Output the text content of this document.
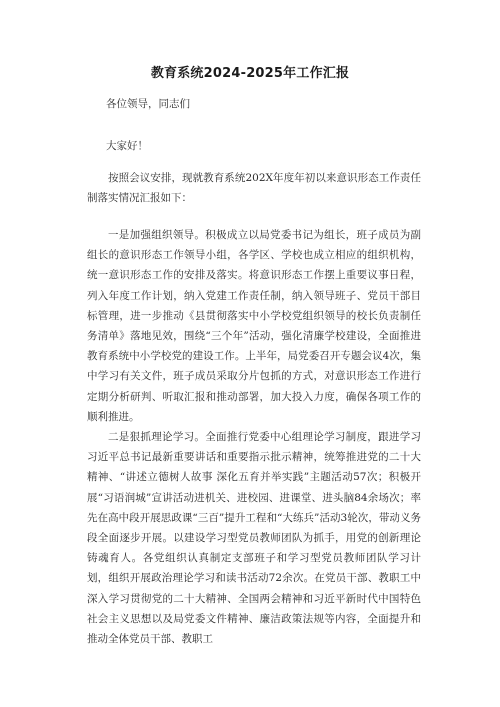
教育系统2024-2025年工作汇报
各位领导，同志们
大家好！

按照会议安排，现就教育系统202X年度年初以来意识形态工作责任制落实情况汇报如下：

一是加强组织领导。积极成立以局党委书记为组长，班子成员为副组长的意识形态工作领导小组，各学区、学校也成立相应的组织机构，统一意识形态工作的安排及落实。将意识形态工作摆上重要议事日程，列入年度工作计划，纳入党建工作责任制，纳入领导班子、党员干部目标管理，进一步推动《县贯彻落实中小学校党组织领导的校长负责制任务清单》落地见效，围绕“三个年”活动，强化清廉学校建设，全面推进教育系统中小学校党的建设工作。上半年，局党委召开专题会议4次，集中学习有关文件，班子成员采取分片包抓的方式，对意识形态工作进行定期分析研判、听取汇报和推动部署，加大投入力度，确保各项工作的顺利推进。

二是狠抓理论学习。全面推行党委中心组理论学习制度，跟进学习习近平总书记最新重要讲话和重要指示批示精神，统筹推进党的二十大精神、“讲述立德树人故事 深化五育并举实践”主题活动57次；积极开展“习语润城”宣讲活动进机关、进校园、进课堂、进头脑84余场次；率先在高中段开展思政课“三百”提升工程和“大练兵”活动3轮次，带动义务段全面逐步开展。以建设学习型党员教师团队为抓手，用党的创新理论铸魂育人。各党组织认真制定支部班子和学习型党员教师团队学习计划，组织开展政治理论学习和读书活动72余次。在党员干部、教职工中深入学习贯彻党的二十大精神、全国两会精神和习近平新时代中国特色社会主义思想以及局党委文件精神、廉洁政策法规等内容，全面提升和推动全体党员干部、教职工
